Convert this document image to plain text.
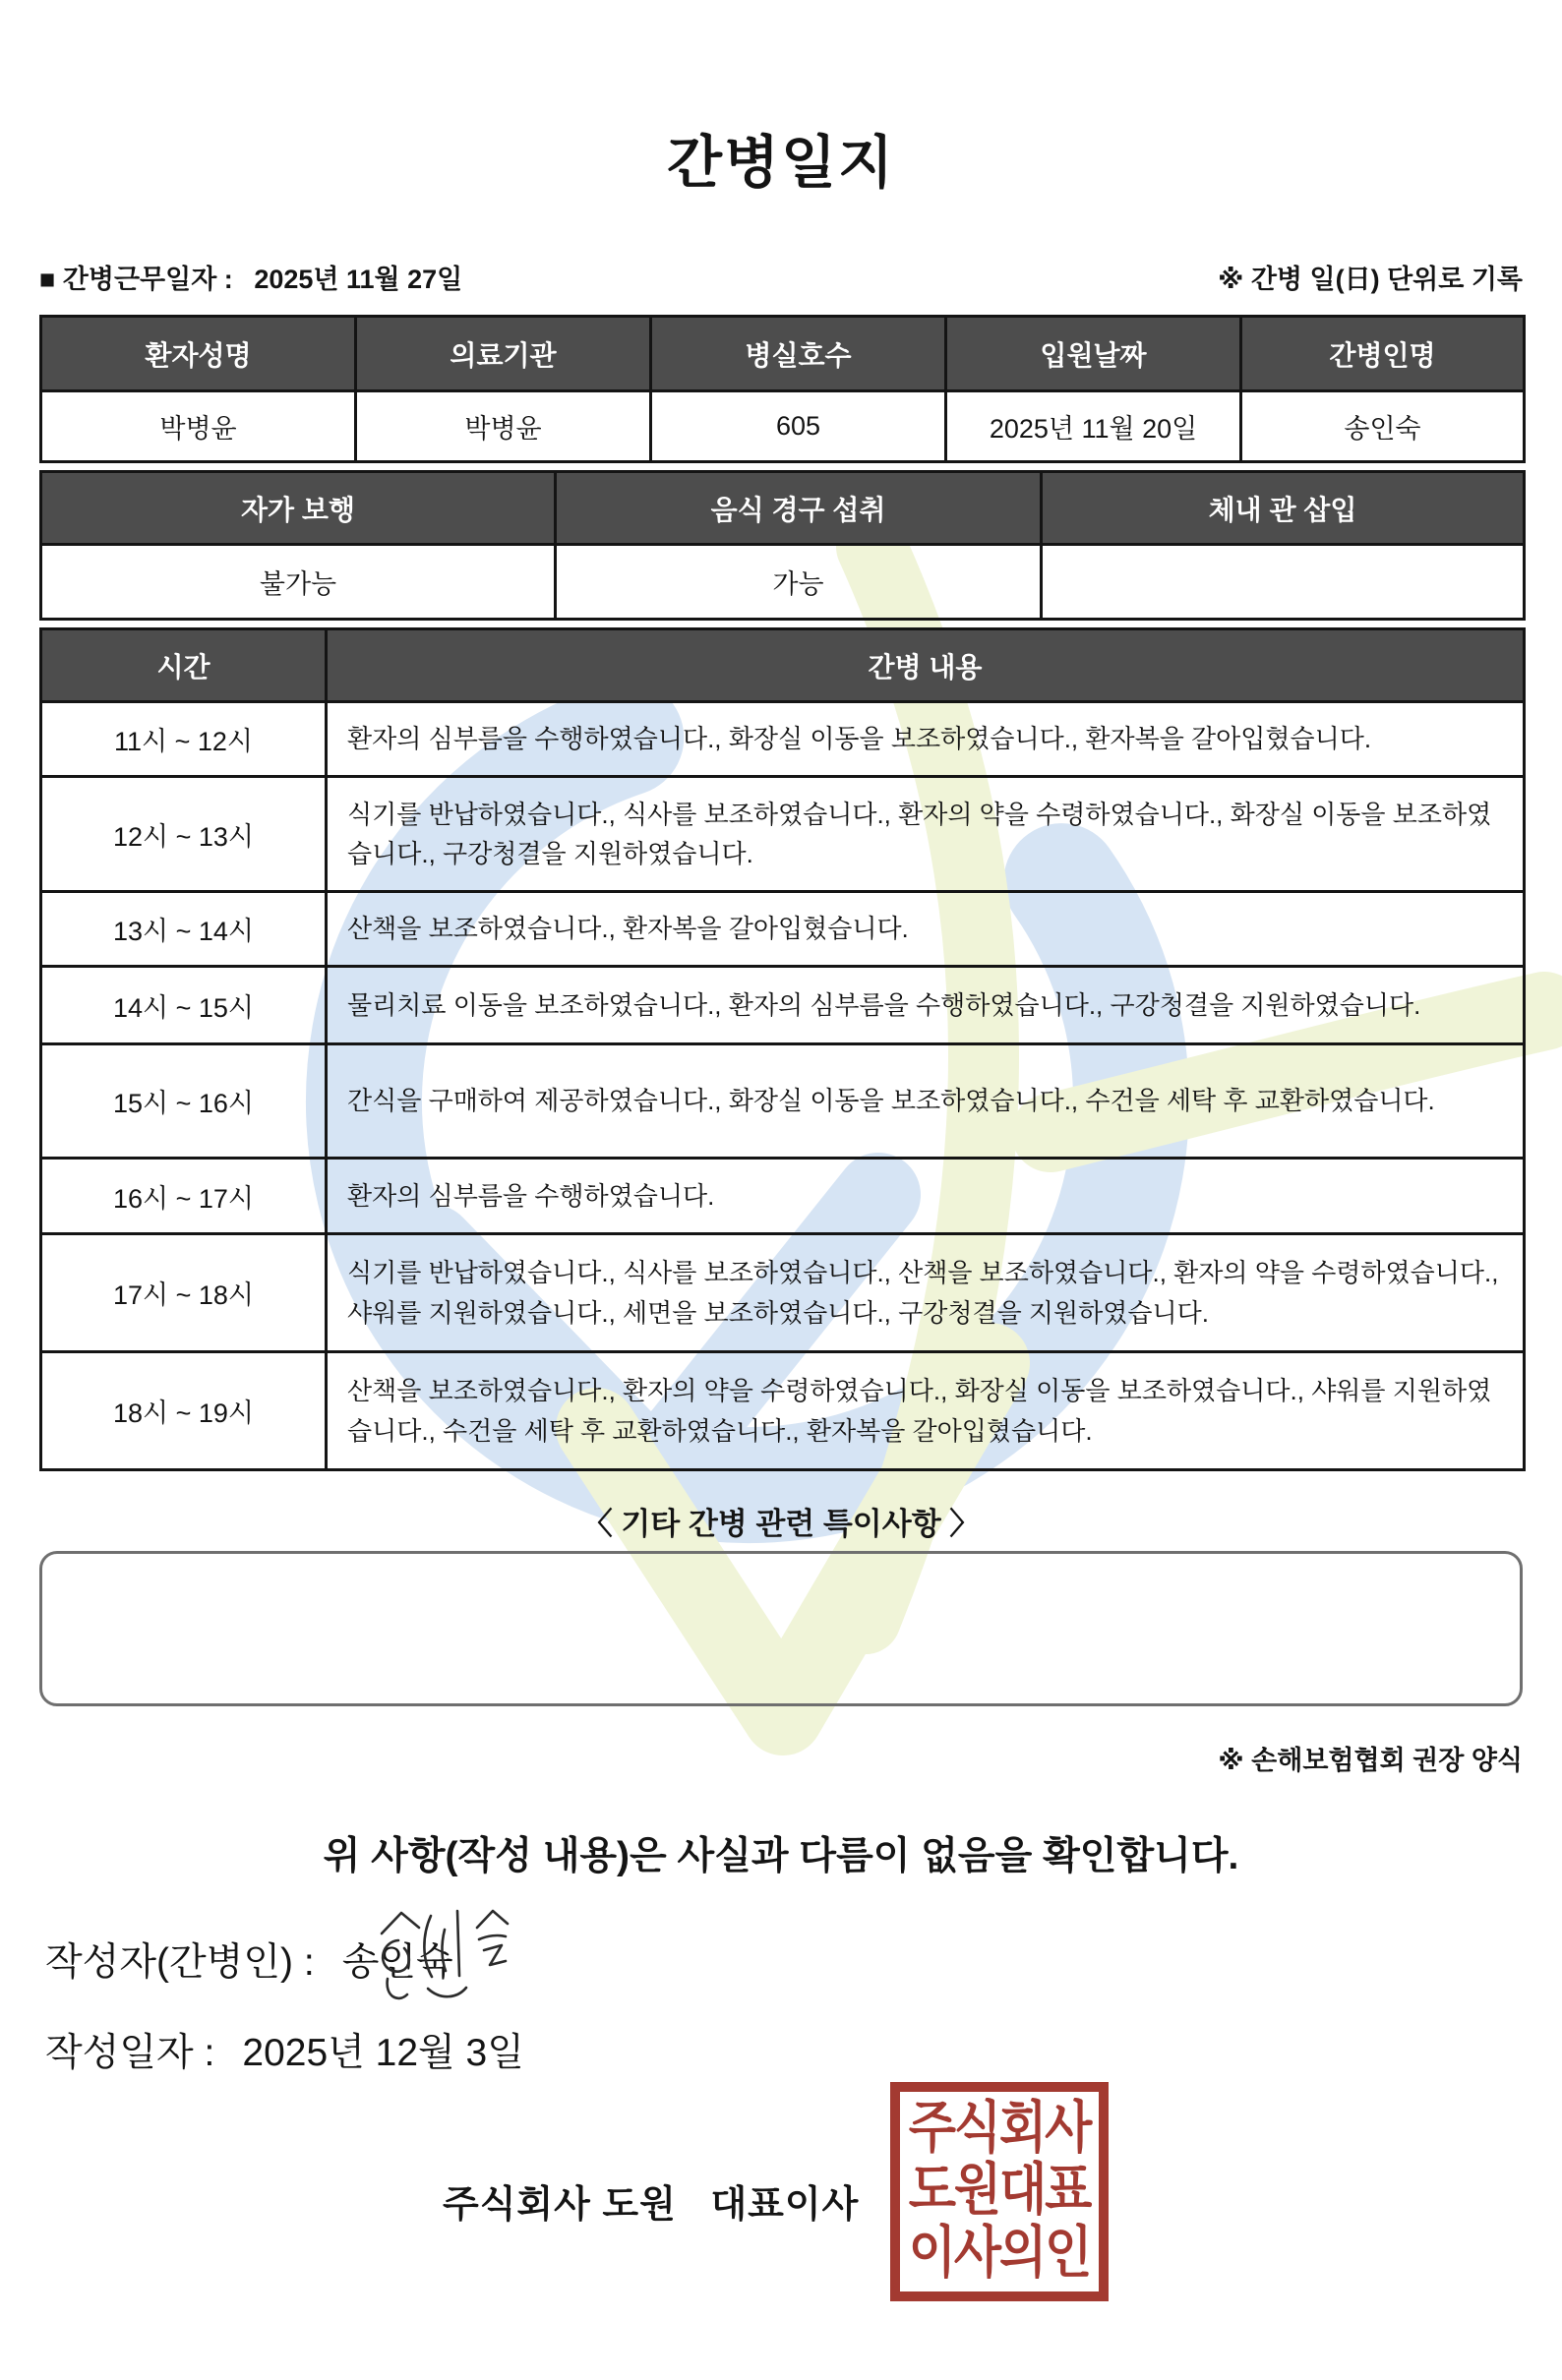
간병일지
■ 간병근무일자 : 2025년 11월 27일	※ 간병 일(日) 단위로 기록
환자성명	의료기관	병실호수	입원날짜	간병인명
박병윤	박병윤	605	2025년 11월 20일	송인숙
자가 보행	음식 경구 섭취	체내 관 삽입
불가능	가능	
시간	간병 내용
11시 ~ 12시	환자의 심부름을 수행하였습니다., 화장실 이동을 보조하였습니다., 환자복을 갈아입혔습니다.
12시 ~ 13시	식기를 반납하였습니다., 식사를 보조하였습니다., 환자의 약을 수령하였습니다., 화장실 이동을 보조하였습니다., 구강청결을 지원하였습니다.
13시 ~ 14시	산책을 보조하였습니다., 환자복을 갈아입혔습니다.
14시 ~ 15시	물리치료 이동을 보조하였습니다., 환자의 심부름을 수행하였습니다., 구강청결을 지원하였습니다.
15시 ~ 16시	간식을 구매하여 제공하였습니다., 화장실 이동을 보조하였습니다., 수건을 세탁 후 교환하였습니다.
16시 ~ 17시	환자의 심부름을 수행하였습니다.
17시 ~ 18시	식기를 반납하였습니다., 식사를 보조하였습니다., 산책을 보조하였습니다., 환자의 약을 수령하였습니다., 샤워를 지원하였습니다., 세면을 보조하였습니다., 구강청결을 지원하였습니다.
18시 ~ 19시	산책을 보조하였습니다., 환자의 약을 수령하였습니다., 화장실 이동을 보조하였습니다., 샤워를 지원하였습니다., 수건을 세탁 후 교환하였습니다., 환자복을 갈아입혔습니다.
〈 기타 간병 관련 특이사항 〉
※ 손해보험협회 권장 양식
위 사항(작성 내용)은 사실과 다름이 없음을 확인합니다.
작성자(간병인) : 송인숙
작성일자 : 2025년 12월 3일
주식회사 도원   대표이사
주식회사
도원대표
이사의인
